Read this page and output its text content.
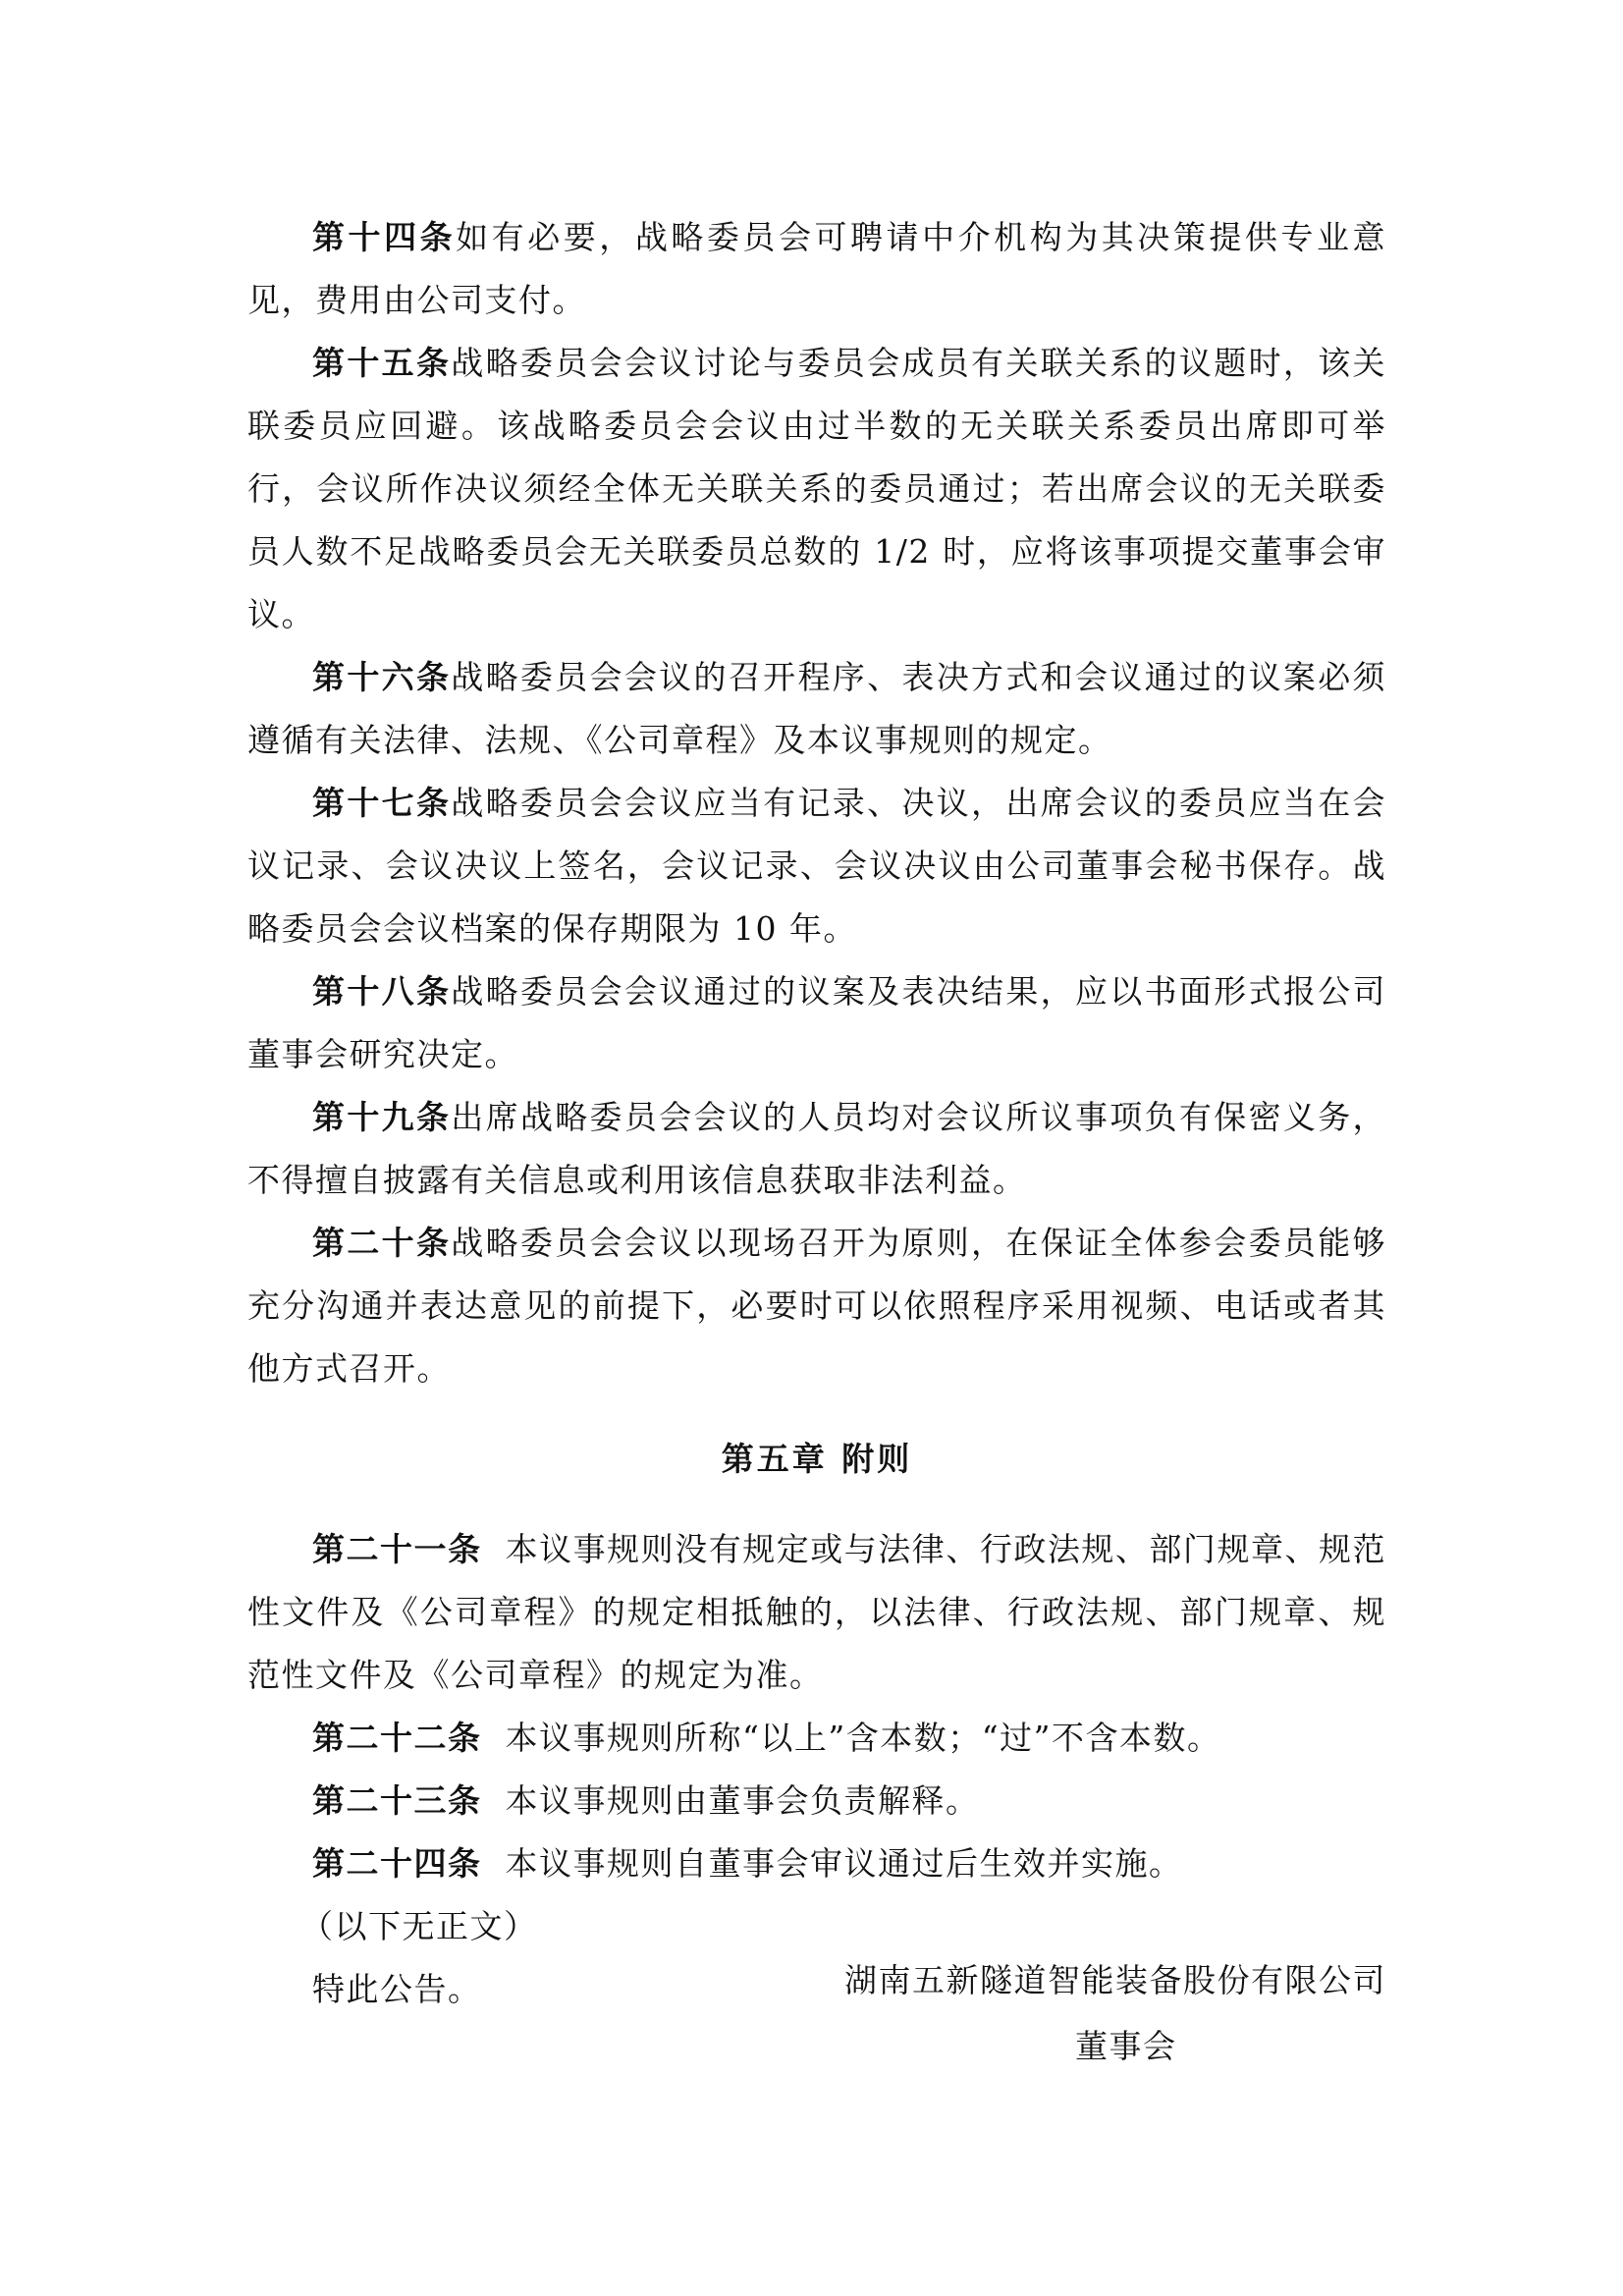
第十四条如有必要，战略委员会可聘请中介机构为其决策提供专业意见，费用由公司支付。

第十五条战略委员会会议讨论与委员会成员有关联关系的议题时，该关联委员应回避。该战略委员会会议由过半数的无关联关系委员出席即可举行，会议所作决议须经全体无关联关系的委员通过；若出席会议的无关联委员人数不足战略委员会无关联委员总数的 1/2 时，应将该事项提交董事会审议。

第十六条战略委员会会议的召开程序、表决方式和会议通过的议案必须遵循有关法律、法规、《公司章程》及本议事规则的规定。

第十七条战略委员会会议应当有记录、决议，出席会议的委员应当在会议记录、会议决议上签名，会议记录、会议决议由公司董事会秘书保存。战略委员会会议档案的保存期限为 10 年。

第十八条战略委员会会议通过的议案及表决结果，应以书面形式报公司董事会研究决定。

第十九条出席战略委员会会议的人员均对会议所议事项负有保密义务，不得擅自披露有关信息或利用该信息获取非法利益。

第二十条战略委员会会议以现场召开为原则，在保证全体参会委员能够充分沟通并表达意见的前提下，必要时可以依照程序采用视频、电话或者其他方式召开。

第五章 附则

第二十一条 本议事规则没有规定或与法律、行政法规、部门规章、规范性文件及《公司章程》的规定相抵触的，以法律、行政法规、部门规章、规范性文件及《公司章程》的规定为准。

第二十二条 本议事规则所称“以上”含本数；“过”不含本数。

第二十三条 本议事规则由董事会负责解释。

第二十四条 本议事规则自董事会审议通过后生效并实施。

（以下无正文）

特此公告。	湖南五新隧道智能装备股份有限公司
董事会
